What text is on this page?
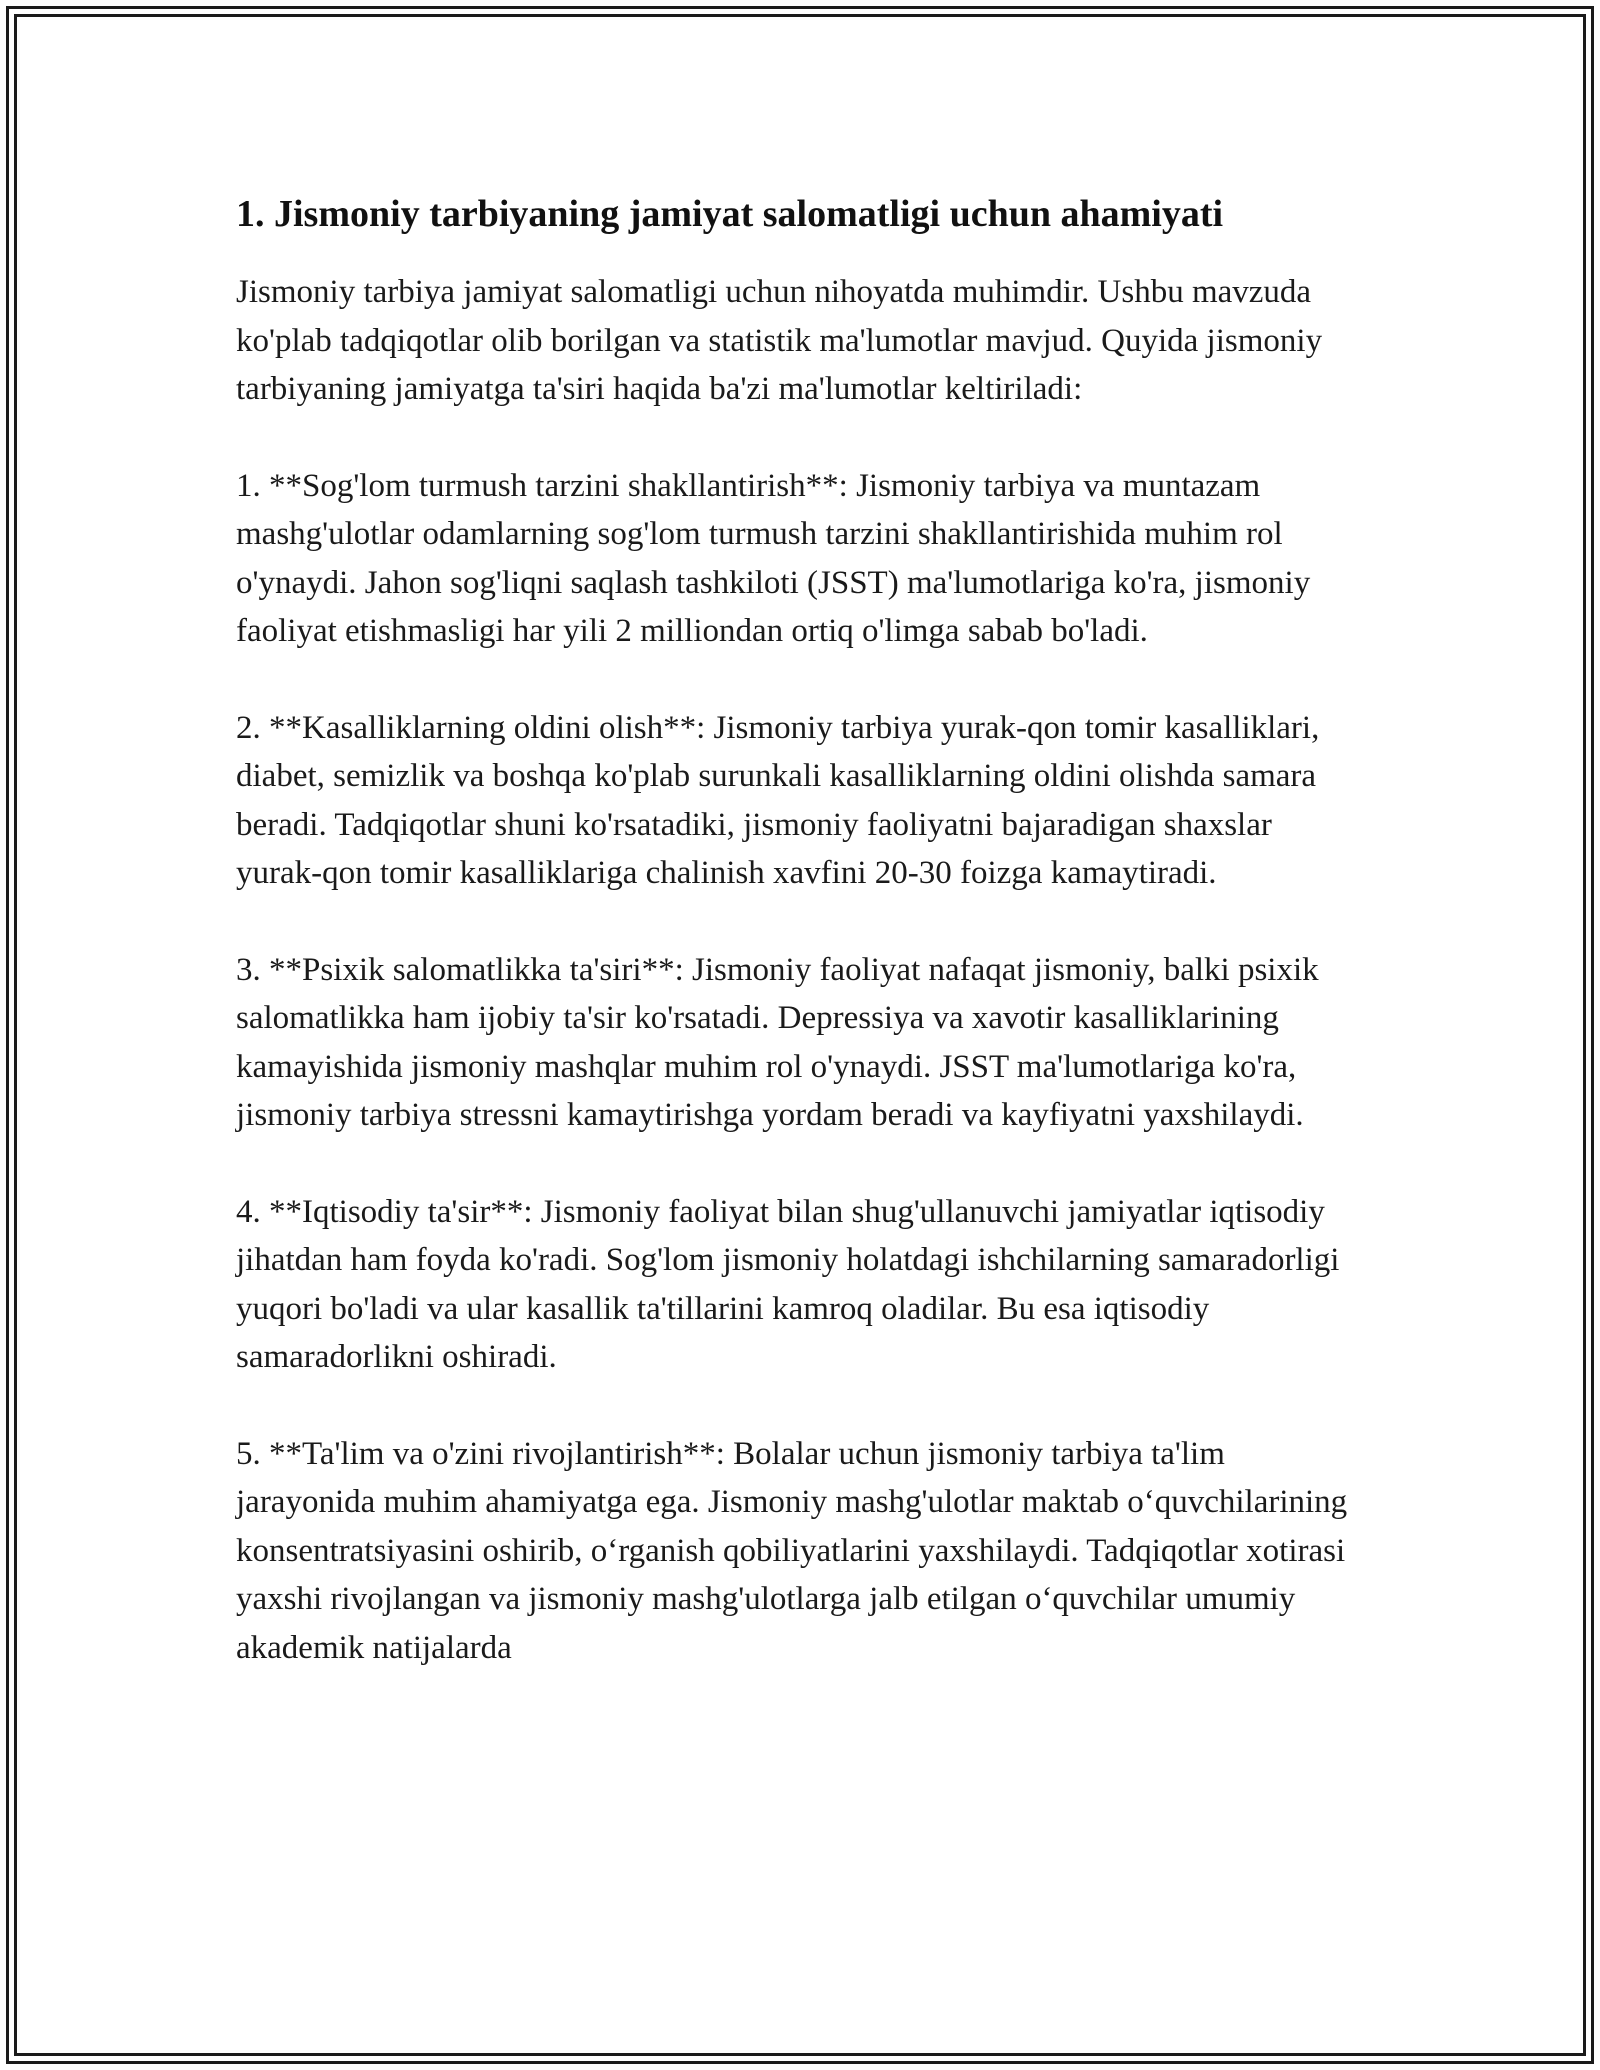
1. Jismoniy tarbiyaning jamiyat salomatligi uchun ahamiyati

Jismoniy tarbiya jamiyat salomatligi uchun nihoyatda muhimdir. Ushbu mavzuda ko'plab tadqiqotlar olib borilgan va statistik ma'lumotlar mavjud. Quyida jismoniy tarbiyaning jamiyatga ta'siri haqida ba'zi ma'lumotlar keltiriladi:

1. **Sog'lom turmush tarzini shakllantirish**: Jismoniy tarbiya va muntazam mashg'ulotlar odamlarning sog'lom turmush tarzini shakllantirishida muhim rol o'ynaydi. Jahon sog'liqni saqlash tashkiloti (JSST) ma'lumotlariga ko'ra, jismoniy faoliyat etishmasligi har yili 2 milliondan ortiq o'limga sabab bo'ladi.

2. **Kasalliklarning oldini olish**: Jismoniy tarbiya yurak-qon tomir kasalliklari, diabet, semizlik va boshqa ko'plab surunkali kasalliklarning oldini olishda samara beradi. Tadqiqotlar shuni ko'rsatadiki, jismoniy faoliyatni bajaradigan shaxslar yurak-qon tomir kasalliklariga chalinish xavfini 20-30 foizga kamaytiradi.

3. **Psixik salomatlikka ta'siri**: Jismoniy faoliyat nafaqat jismoniy, balki psixik salomatlikka ham ijobiy ta'sir ko'rsatadi. Depressiya va xavotir kasalliklarining kamayishida jismoniy mashqlar muhim rol o'ynaydi. JSST ma'lumotlariga ko'ra, jismoniy tarbiya stressni kamaytirishga yordam beradi va kayfiyatni yaxshilaydi.

4. **Iqtisodiy ta'sir**: Jismoniy faoliyat bilan shug'ullanuvchi jamiyatlar iqtisodiy jihatdan ham foyda ko'radi. Sog'lom jismoniy holatdagi ishchilarning samaradorligi yuqori bo'ladi va ular kasallik ta'tillarini kamroq oladilar. Bu esa iqtisodiy samaradorlikni oshiradi.

5. **Ta'lim va o'zini rivojlantirish**: Bolalar uchun jismoniy tarbiya ta'lim jarayonida muhim ahamiyatga ega. Jismoniy mashg'ulotlar maktab o‘quvchilarining konsentratsiyasini oshirib, o‘rganish qobiliyatlarini yaxshilaydi. Tadqiqotlar xotirasi yaxshi rivojlangan va jismoniy mashg'ulotlarga jalb etilgan o‘quvchilar umumiy akademik natijalarda
